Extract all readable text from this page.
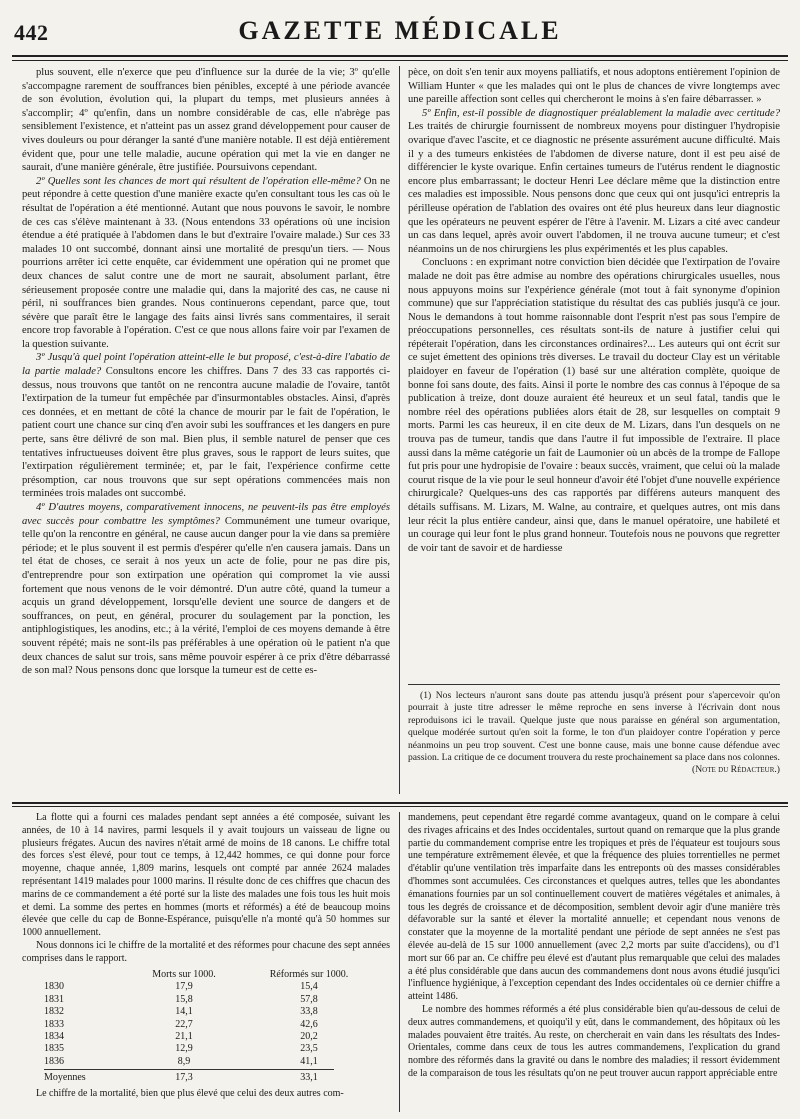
442	GAZETTE MÉDICALE

plus souvent, elle n'exerce que peu d'influence sur la durée de la vie; 3º qu'elle s'accompagne rarement de souffrances bien pénibles, excepté à une période avancée de son évolution, évolution qui, la plupart du temps, met plusieurs années à s'accomplir; 4º qu'enfin, dans un nombre considérable de cas, elle n'abrège pas sensiblement l'existence, et n'atteint pas un assez grand développement pour causer de vives douleurs ou pour déranger la santé d'une manière notable. Il est déjà entièrement évident que, pour une telle maladie, aucune opération qui met la vie en danger ne saurait, d'une manière générale, être justifiée. Poursuivons cependant.

2º Quelles sont les chances de mort qui résultent de l'opération elle-même? On ne peut répondre à cette question d'une manière exacte qu'en consultant tous les cas où le résultat de l'opération a été mentionné. Autant que nous pouvons le savoir, le nombre de ces cas s'élève maintenant à 33. (Nous entendons 33 opérations où une incision étendue a été pratiquée à l'abdomen dans le but d'extraire l'ovaire malade.) Sur ces 33 malades 10 ont succombé, donnant ainsi une mortalité de presqu'un tiers. — Nous pourrions arrêter ici cette enquête, car évidemment une opération qui ne promet que deux chances de salut contre une de mort ne saurait, absolument parlant, être sérieusement proposée contre une maladie qui, dans la majorité des cas, ne cause ni péril, ni souffrances bien grandes. Nous continuerons cependant, parce que, tout sévère que paraît être le langage des faits ainsi livrés sans commentaires, il serait encore trop favorable à l'opération. C'est ce que nous allons faire voir par l'examen de la question suivante.

3º Jusqu'à quel point l'opération atteint-elle le but proposé, c'est-à-dire l'abatio de la partie malade? Consultons encore les chiffres. Dans 7 des 33 cas rapportés ci-dessus, nous trouvons que tantôt on ne rencontra aucune maladie de l'ovaire, tantôt l'extirpation de la tumeur fut empêchée par d'insurmontables obstacles. Ainsi, d'après ces données, et en mettant de côté la chance de mourir par le fait de l'opération, le patient court une chance sur cinq d'en avoir subi les souffrances et les dangers en pure perte, sans être délivré de son mal. Bien plus, il semble naturel de penser que ces tentatives infructueuses doivent être plus graves, sous le rapport de leurs suites, que l'extirpation régulièrement terminée; et, par le fait, l'expérience confirme cette présomption, car nous trouvons que sur sept opérations commencées mais non terminées trois malades ont succombé.

4º D'autres moyens, comparativement innocens, ne peuvent-ils pas être employés avec succès pour combattre les symptômes? Communément une tumeur ovarique, telle qu'on la rencontre en général, ne cause aucun danger pour la vie dans sa première période; et le plus souvent il est permis d'espérer qu'elle n'en causera jamais. Dans un tel état de choses, ce serait à nos yeux un acte de folie, pour ne pas dire pis, d'entreprendre pour son extirpation une opération qui compromet la vie aussi fortement que nous venons de le voir démontré. D'un autre côté, quand la tumeur a acquis un grand développement, lorsqu'elle devient une source de dangers et de souffrances, on peut, en général, procurer du soulagement par la ponction, les antiphlogistiques, les anodins, etc.; à la vérité, l'emploi de ces moyens demande à être souvent répété; mais ne sont-ils pas préférables à une opération où le patient n'a que deux chances de salut sur trois, sans même pouvoir espérer à ce prix d'être débarrassé de son mal? Nous pensons donc que lorsque la tumeur est de cette es-

pèce, on doit s'en tenir aux moyens palliatifs, et nous adoptons entièrement l'opinion de William Hunter « que les malades qui ont le plus de chances de vivre longtemps avec une pareille affection sont celles qui chercheront le moins à s'en faire débarrasser. »

5º Enfin, est-il possible de diagnostiquer préalablement la maladie avec certitude? Les traités de chirurgie fournissent de nombreux moyens pour distinguer l'hydropisie ovarique d'avec l'ascite, et ce diagnostic ne présente assurément aucune difficulté. Mais il y a des tumeurs enkistées de l'abdomen de diverse nature, dont il est peu aisé de différencier le kyste ovarique. Enfin certaines tumeurs de l'utérus rendent le diagnostic encore plus embarrassant; le docteur Henri Lee déclare même que la distinction entre ces maladies est impossible. Nous pensons donc que ceux qui ont jusqu'ici entrepris la périlleuse opération de l'ablation des ovaires ont été plus heureux dans leur diagnostic que les opérateurs ne peuvent espérer de l'être à l'avenir. M. Lizars a cité avec candeur un cas dans lequel, après avoir ouvert l'abdomen, il ne trouva aucune tumeur; et c'est néanmoins un de nos chirurgiens les plus expérimentés et les plus capables.

Concluons : en exprimant notre conviction bien décidée que l'extirpation de l'ovaire malade ne doit pas être admise au nombre des opérations chirurgicales usuelles, nous nous appuyons moins sur l'expérience générale (mot tout à fait synonyme d'opinion commune) que sur l'appréciation statistique du résultat des cas publiés jusqu'à ce jour. Nous le demandons à tout homme raisonnable dont l'esprit n'est pas sous l'empire de préoccupations personnelles, ces résultats sont-ils de nature à justifier celui qui répéterait l'opération, dans les circonstances ordinaires?... Les auteurs qui ont écrit sur ce sujet émettent des opinions très diverses. Le travail du docteur Clay est un véritable plaidoyer en faveur de l'opération (1) basé sur une altération complète, quoique de bonne foi sans doute, des faits. Ainsi il porte le nombre des cas connus à l'époque de sa publication à treize, dont douze auraient été heureux et un seul fatal, tandis que le nombre réel des opérations publiées alors était de 28, sur lesquelles on comptait 9 morts. Parmi les cas heureux, il en cite deux de M. Lizars, dans l'un desquels on ne trouva pas de tumeur, tandis que dans l'autre il fut impossible de l'extraire. Il place aussi dans la même catégorie un fait de Laumonier où un abcès de la trompe de Fallope fut pris pour une hydropisie de l'ovaire : beaux succès, vraiment, que celui où la malade courut risque de la vie pour le seul honneur d'avoir été l'objet d'une nouvelle expérience chirurgicale? Quelques-uns des cas rapportés par différens auteurs manquent des détails suffisans. M. Lizars, M. Walne, au contraire, et quelques autres, ont mis dans leur récit la plus entière candeur, ainsi que, dans le manuel opératoire, une habileté et un courage qui leur font le plus grand honneur. Toutefois nous ne pouvons que regretter de voir tant de savoir et de hardiesse

(1) Nos lecteurs n'auront sans doute pas attendu jusqu'à présent pour s'apercevoir qu'on pourrait à juste titre adresser le même reproche en sens inverse à l'écrivain dont nous reproduisons ici le travail. Quelque juste que nous paraisse en général son argumentation, quelque modérée surtout qu'en soit la forme, le ton d'un plaidoyer contre l'opération y perce néanmoins un peu trop souvent. C'est une bonne cause, mais une bonne cause défendue avec passion. La critique de ce document trouvera du reste prochainement sa place dans nos colonnes.

(Note du Rédacteur.)

La flotte qui a fourni ces malades pendant sept années a été composée, suivant les années, de 10 à 14 navires, parmi lesquels il y avait toujours un vaisseau de ligne ou plusieurs frégates. Aucun des navires n'était armé de moins de 18 canons. Le chiffre total des forces s'est élevé, pour tout ce temps, à 12,442 hommes, ce qui donne pour force moyenne, chaque année, 1,809 marins, lesquels ont compté par année 2624 malades représentant 1419 malades pour 1000 marins. Il résulte donc de ces chiffres que chacun des marins de ce commandement a été porté sur la liste des malades une fois tous les huit mois et demi. La somme des pertes en hommes (morts et réformés) a été de beaucoup moins élevée que celle du cap de Bonne-Espérance, puisqu'elle n'a monté qu'à 50 hommes sur 1000 annuellement.

Nous donnons ici le chiffre de la mortalité et des réformes pour chacune des sept années comprises dans le rapport.

Morts sur 1000.	Réformés sur 1000.
1830	17,9	15,4
1831	15,8	57,8
1832	14,1	33,8
1833	22,7	42,6
1834	21,1	20,2
1835	12,9	23,5
1836	8,9	41,1
Moyennes	17,3	33,1

Le chiffre de la mortalité, bien que plus élevé que celui des deux autres com-

mandemens, peut cependant être regardé comme avantageux, quand on le compare à celui des rivages africains et des Indes occidentales, surtout quand on remarque que la plus grande partie du commandement comprise entre les tropiques et près de l'équateur est toujours sous une température extrêmement élevée, et que la fréquence des pluies torrentielles ne permet d'établir qu'une ventilation très imparfaite dans les entreponts où des masses considérables d'hommes sont accumulées. Ces circonstances et quelques autres, telles que les abondantes émanations fournies par un sol continuellement couvert de matières végétales et animales, à tous les degrés de croissance et de décomposition, semblent devoir agir d'une manière très défavorable sur la santé et élever la mortalité annuelle; et cependant nous venons de constater que la moyenne de la mortalité pendant une période de sept années ne s'est pas élevée au-delà de 15 sur 1000 annuellement (avec 2,2 morts par suite d'accidens), ou d'1 mort sur 66 par an. Ce chiffre peu élevé est d'autant plus remarquable que celui des malades a été plus considérable que dans aucun des commandemens dont nous avons étudié jusqu'ici l'influence hygiénique, à l'exception cependant des Indes occidentales où ce dernier chiffre a atteint 1486.

Le nombre des hommes réformés a été plus considérable bien qu'au-dessous de celui de deux autres commandemens, et quoiqu'il y eût, dans le commandement, des hôpitaux où les malades pouvaient être traités. Au reste, on chercherait en vain dans les résultats des Indes-Orientales, comme dans ceux de tous les autres commandemens, l'explication du grand nombre des réformés dans la gravité ou dans le nombre des maladies; il ressort évidemment de la comparaison de tous les résultats qu'on ne peut trouver aucun rapport appréciable entre
